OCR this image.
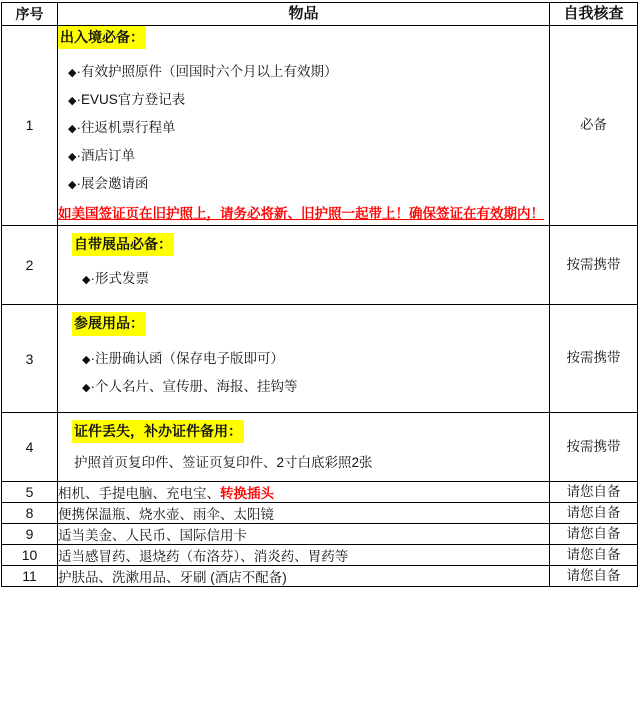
序号	物品	自我核查
1	出入境必备：
◆·有效护照原件（回国时六个月以上有效期）
◆·EVUS官方登记表
◆·往返机票行程单
◆·酒店订单
◆·展会邀请函
如美国签证页在旧护照上，请务必将新、旧护照一起带上！确保签证在有效期内！
	必备
2	自带展品必备：
◆·形式发票	按需携带
3	参展用品：
◆·注册确认函（保存电子版即可）
◆·个人名片、宣传册、海报、挂钩等	按需携带
4	证件丢失，补办证件备用：
护照首页复印件、签证页复印件、2寸白底彩照2张	按需携带
5	相机、手提电脑、充电宝、转换插头	请您自备
8	便携保温瓶、烧水壶、雨伞、太阳镜	请您自备
9	适当美金、人民币、国际信用卡	请您自备
10	适当感冒药、退烧药（布洛芬）、消炎药、胃药等	请您自备
11	护肤品、洗漱用品、牙刷 (酒店不配备)	请您自备
